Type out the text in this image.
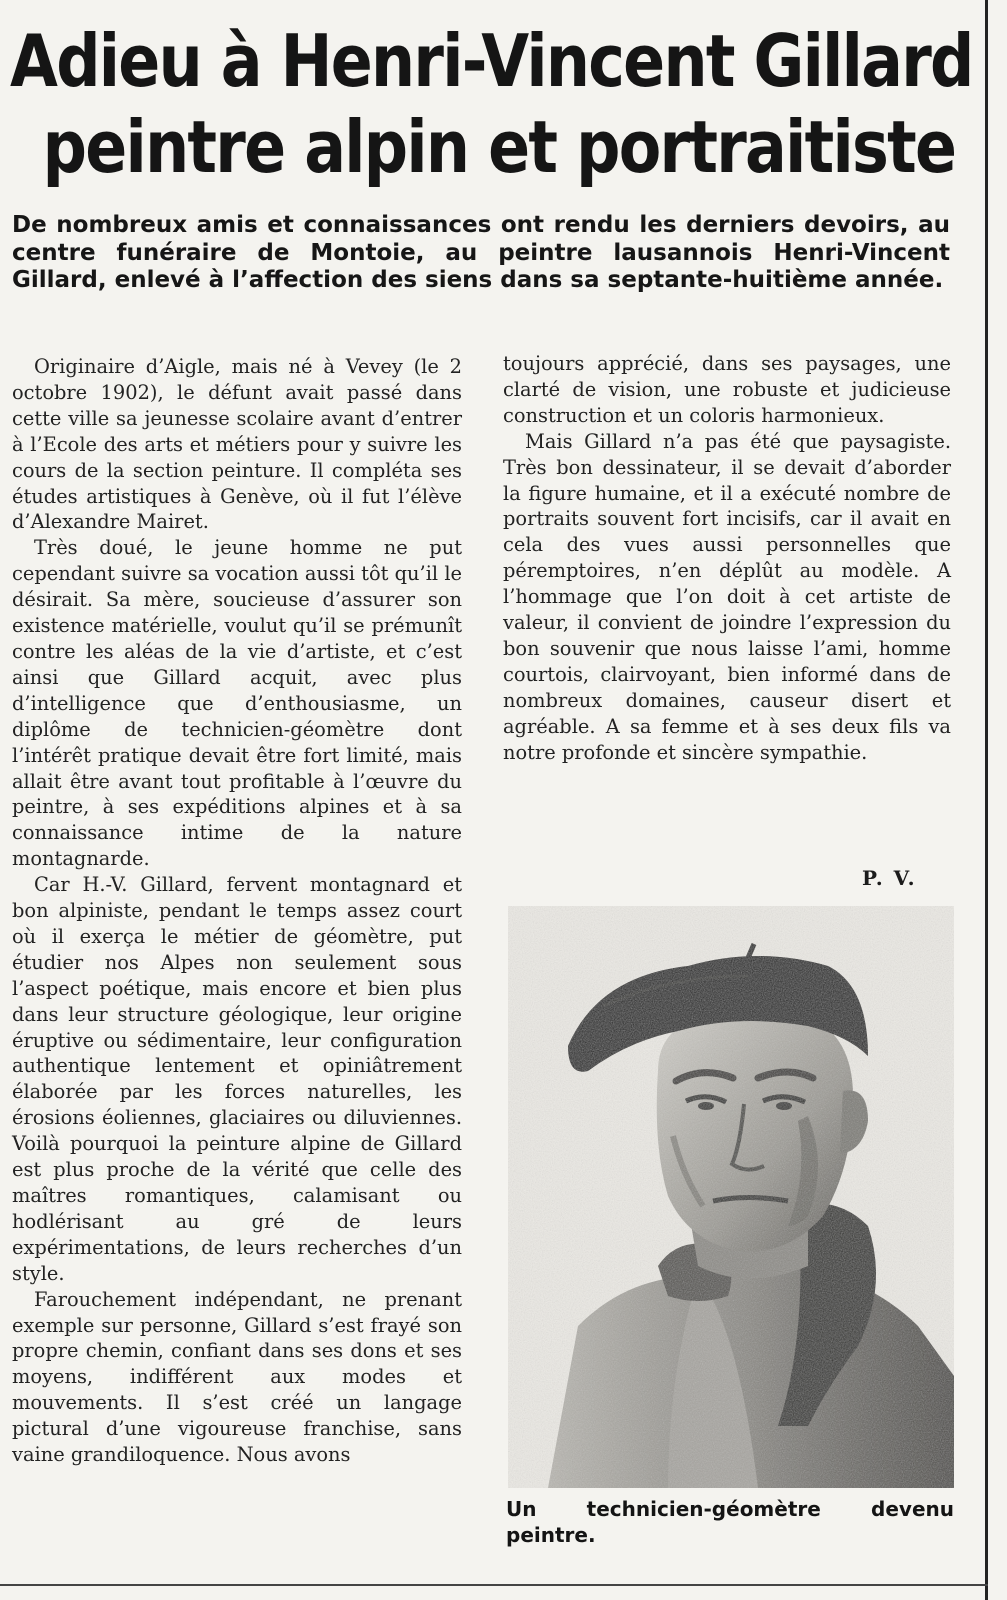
Adieu à Henri-Vincent Gillard
peintre alpin et portraitiste
De nombreux amis et connaissances ont rendu les derniers devoirs, au centre funéraire de Montoie, au peintre lausannois Henri-Vincent Gillard, enlevé à l’affection des siens dans sa septante-huitième année.

Originaire d’Aigle, mais né à Vevey (le 2 octobre 1902), le défunt avait passé dans cette ville sa jeunesse scolaire avant d’entrer à l’Ecole des arts et métiers pour y suivre les cours de la section peinture. Il compléta ses études artistiques à Genève, où il fut l’élève d’Alexandre Mairet.

Très doué, le jeune homme ne put cependant suivre sa vocation aussi tôt qu’il le désirait. Sa mère, soucieuse d’assurer son existence matérielle, voulut qu’il se prémunît contre les aléas de la vie d’artiste, et c’est ainsi que Gillard acquit, avec plus d’intelligence que d’enthousiasme, un diplôme de technicien-géomètre dont l’intérêt pratique devait être fort limité, mais allait être avant tout profitable à l’œuvre du peintre, à ses expéditions alpines et à sa connaissance intime de la nature montagnarde.

Car H.-V. Gillard, fervent montagnard et bon alpiniste, pendant le temps assez court où il exerça le métier de géomètre, put étudier nos Alpes non seulement sous l’aspect poétique, mais encore et bien plus dans leur structure géologique, leur origine éruptive ou sédimentaire, leur configuration authentique lentement et opiniâtrement élaborée par les forces naturelles, les érosions éoliennes, glaciaires ou diluviennes. Voilà pourquoi la peinture alpine de Gillard est plus proche de la vérité que celle des maîtres romantiques, calamisant ou hodlérisant au gré de leurs expérimentations, de leurs recherches d’un style.

Farouchement indépendant, ne prenant exemple sur personne, Gillard s’est frayé son propre chemin, confiant dans ses dons et ses moyens, indifférent aux modes et mouvements. Il s’est créé un langage pictural d’une vigoureuse franchise, sans vaine grandiloquence. Nous avons

toujours apprécié, dans ses paysages, une clarté de vision, une robuste et judicieuse construction et un coloris harmonieux.

Mais Gillard n’a pas été que paysagiste. Très bon dessinateur, il se devait d’aborder la figure humaine, et il a exécuté nombre de portraits souvent fort incisifs, car il avait en cela des vues aussi personnelles que péremptoires, n’en déplût au modèle. A l’hommage que l’on doit à cet artiste de valeur, il convient de joindre l’expression du bon souvenir que nous laisse l’ami, homme courtois, clairvoyant, bien informé dans de nombreux domaines, causeur disert et agréable. A sa femme et à ses deux fils va notre profonde et sincère sympathie.

P. V.
Un technicien-géomètre devenu peintre.
